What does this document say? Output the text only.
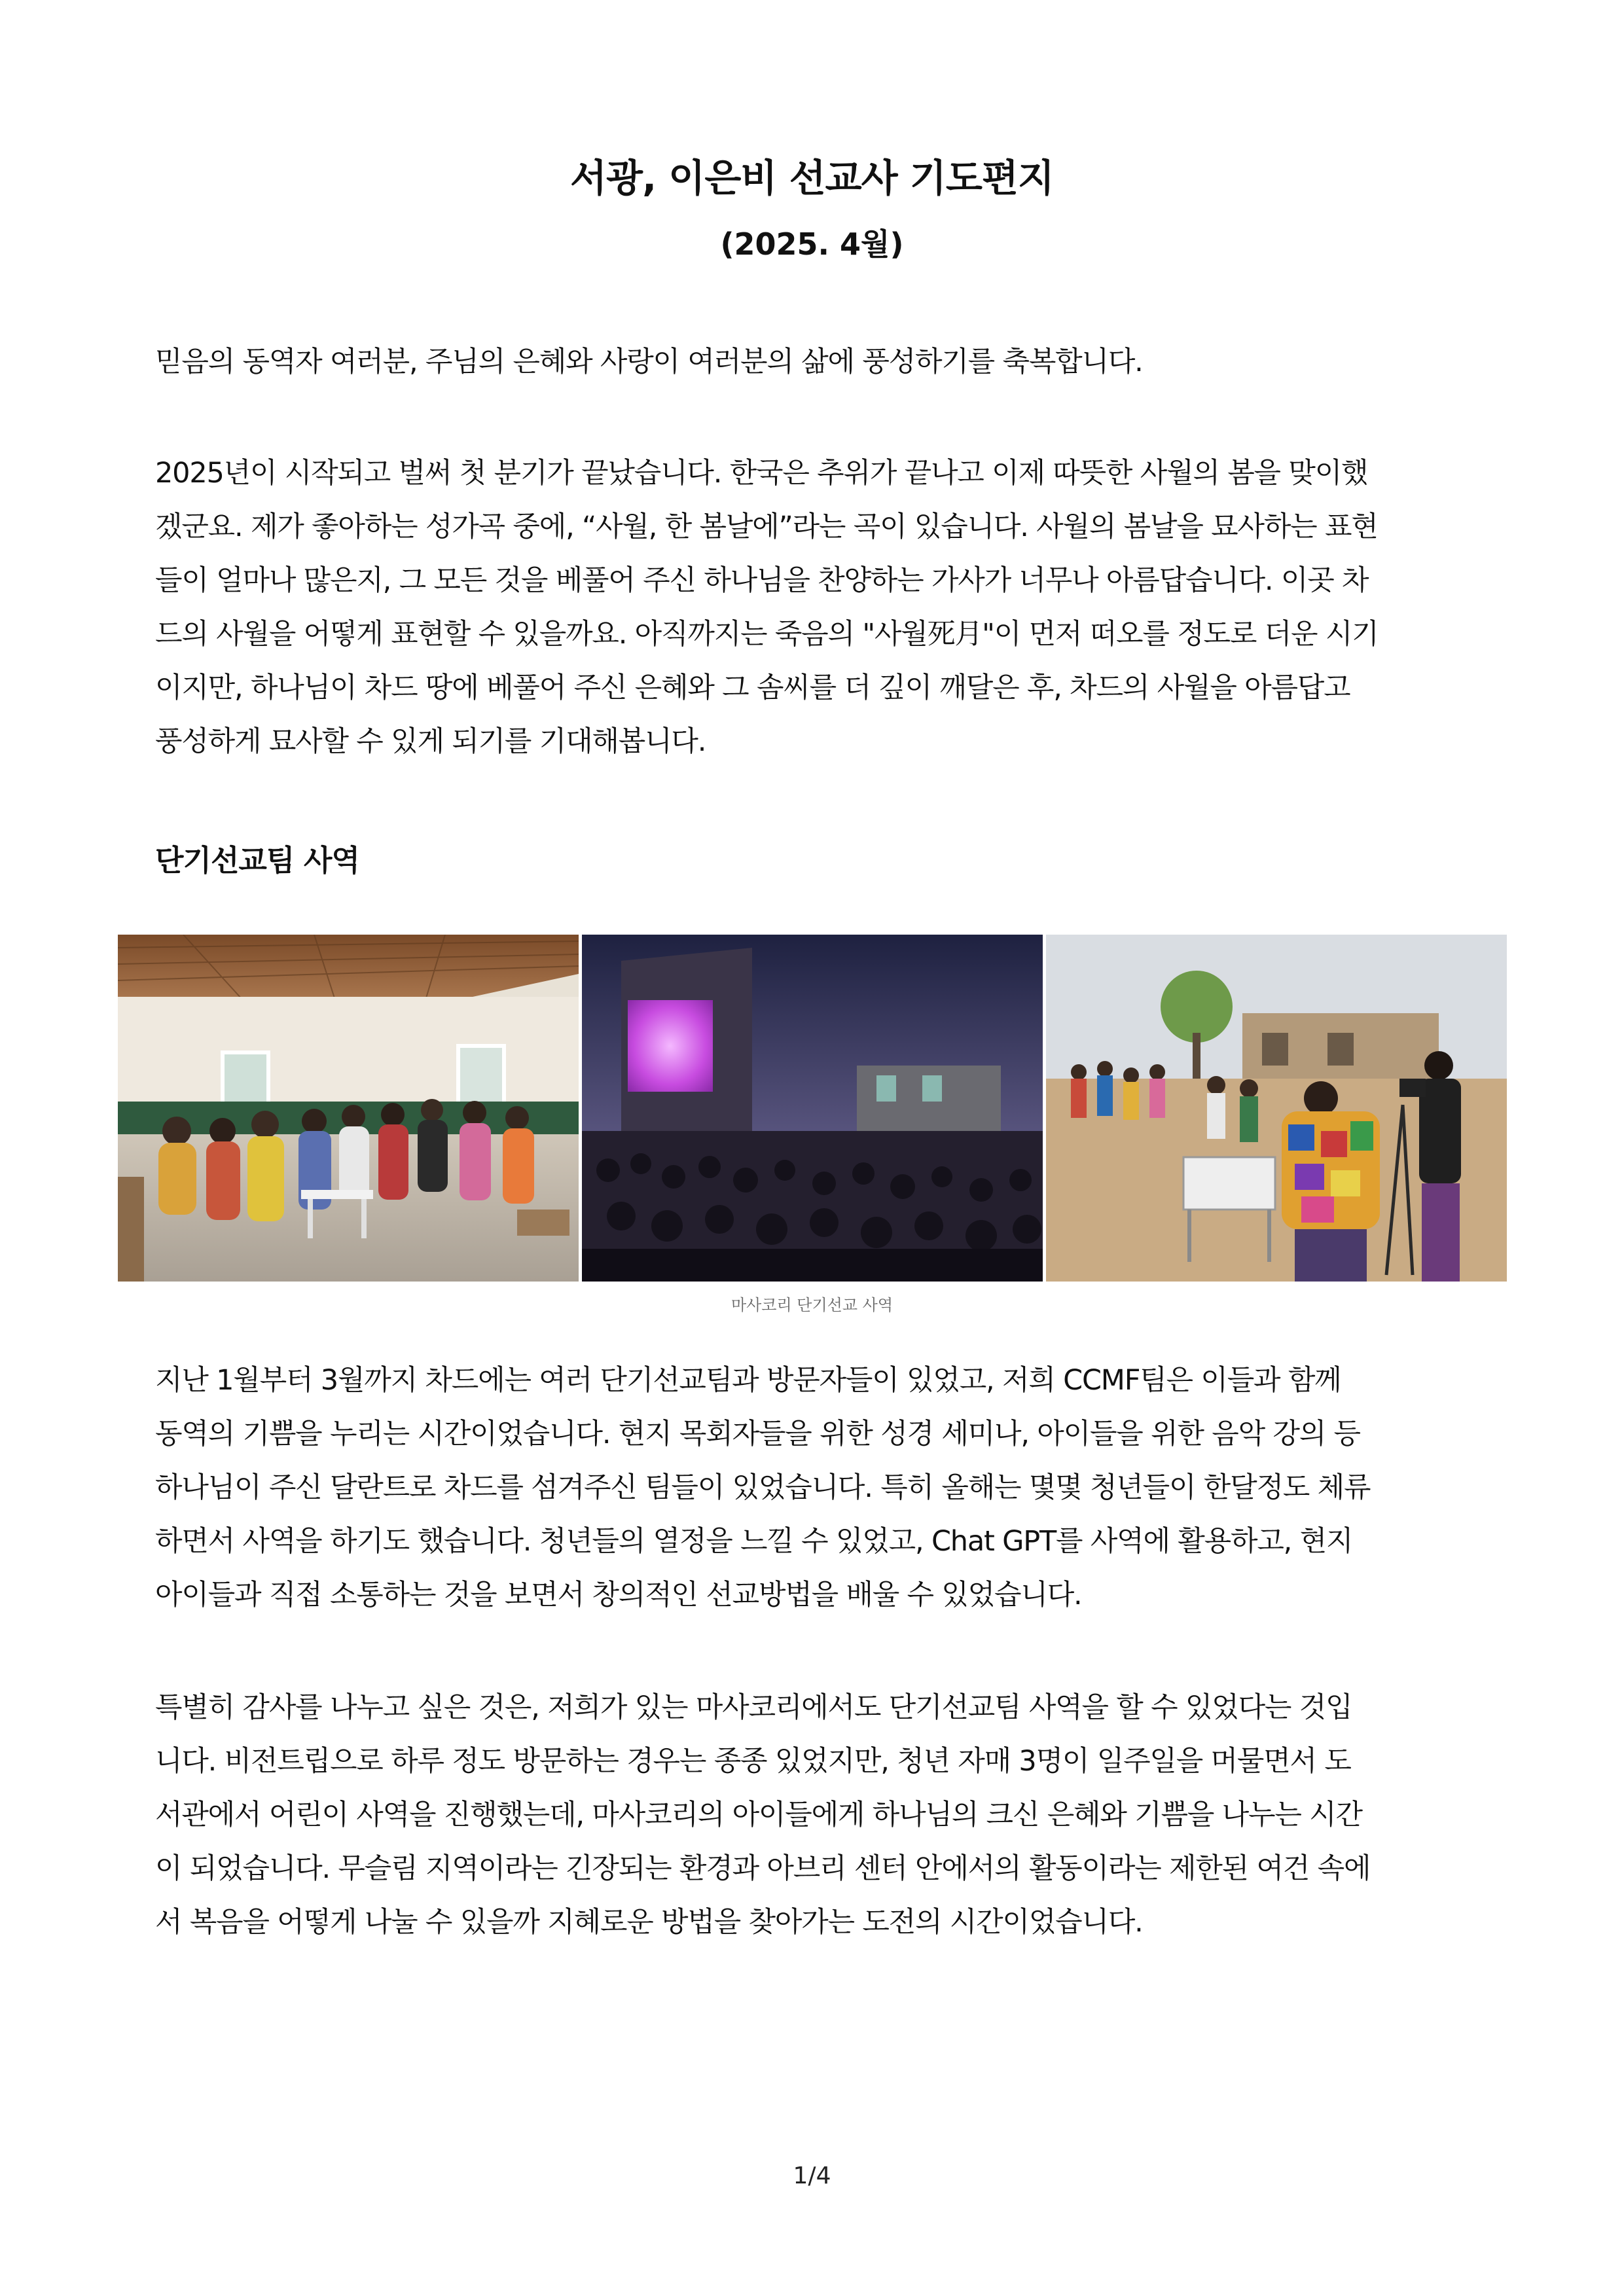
서광, 이은비 선교사 기도편지
(2025. 4월)

믿음의 동역자 여러분, 주님의 은혜와 사랑이 여러분의 삶에 풍성하기를 축복합니다.

2025년이 시작되고 벌써 첫 분기가 끝났습니다. 한국은 추위가 끝나고 이제 따뜻한 사월의 봄을 맞이했
겠군요. 제가 좋아하는 성가곡 중에, “사월, 한 봄날에”라는 곡이 있습니다. 사월의 봄날을 묘사하는 표현
들이 얼마나 많은지, 그 모든 것을 베풀어 주신 하나님을 찬양하는 가사가 너무나 아름답습니다. 이곳 차
드의 사월을 어떻게 표현할 수 있을까요. 아직까지는 죽음의 "사월死月"이 먼저 떠오를 정도로 더운 시기
이지만, 하나님이 차드 땅에 베풀어 주신 은혜와 그 솜씨를 더 깊이 깨달은 후, 차드의 사월을 아름답고
풍성하게 묘사할 수 있게 되기를 기대해봅니다.

단기선교팀 사역
마사코리 단기선교 사역

지난 1월부터 3월까지 차드에는 여러 단기선교팀과 방문자들이 있었고, 저희 CCMF팀은 이들과 함께
동역의 기쁨을 누리는 시간이었습니다. 현지 목회자들을 위한 성경 세미나, 아이들을 위한 음악 강의 등
하나님이 주신 달란트로 차드를 섬겨주신 팀들이 있었습니다. 특히 올해는 몇몇 청년들이 한달정도 체류
하면서 사역을 하기도 했습니다. 청년들의 열정을 느낄 수 있었고, Chat GPT를 사역에 활용하고, 현지
아이들과 직접 소통하는 것을 보면서 창의적인 선교방법을 배울 수 있었습니다.

특별히 감사를 나누고 싶은 것은, 저희가 있는 마사코리에서도 단기선교팀 사역을 할 수 있었다는 것입
니다. 비전트립으로 하루 정도 방문하는 경우는 종종 있었지만, 청년 자매 3명이 일주일을 머물면서 도
서관에서 어린이 사역을 진행했는데, 마사코리의 아이들에게 하나님의 크신 은혜와 기쁨을 나누는 시간
이 되었습니다. 무슬림 지역이라는 긴장되는 환경과 아브리 센터 안에서의 활동이라는 제한된 여건 속에
서 복음을 어떻게 나눌 수 있을까 지혜로운 방법을 찾아가는 도전의 시간이었습니다.

1/4
